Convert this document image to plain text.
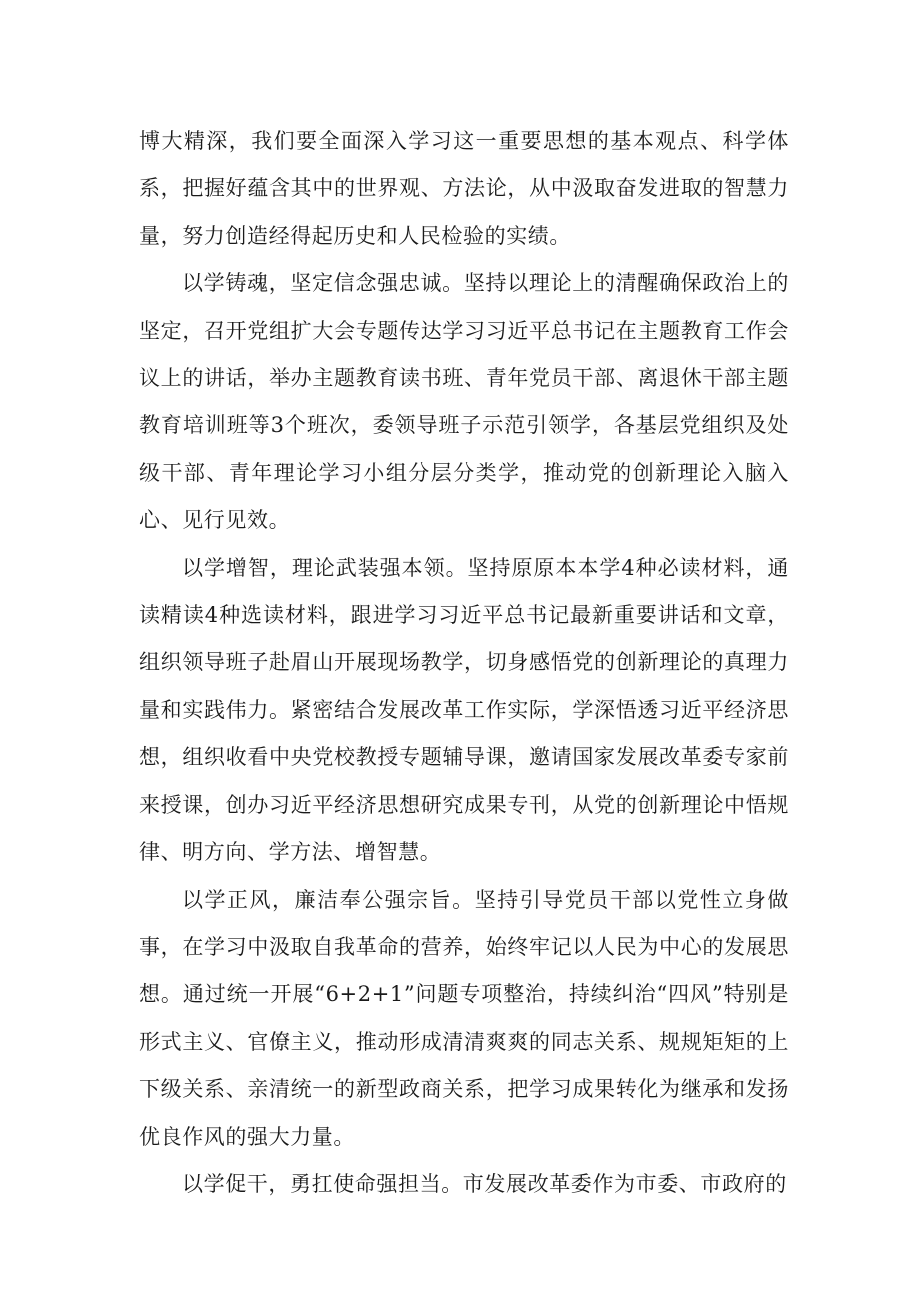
博大精深，我们要全面深入学习这一重要思想的基本观点、科学体系，把握好蕴含其中的世界观、方法论，从中汲取奋发进取的智慧力量，努力创造经得起历史和人民检验的实绩。

以学铸魂，坚定信念强忠诚。坚持以理论上的清醒确保政治上的坚定，召开党组扩大会专题传达学习习近平总书记在主题教育工作会议上的讲话，举办主题教育读书班、青年党员干部、离退休干部主题教育培训班等3个班次，委领导班子示范引领学，各基层党组织及处级干部、青年理论学习小组分层分类学，推动党的创新理论入脑入心、见行见效。

以学增智，理论武装强本领。坚持原原本本学4种必读材料，通读精读4种选读材料，跟进学习习近平总书记最新重要讲话和文章，组织领导班子赴眉山开展现场教学，切身感悟党的创新理论的真理力量和实践伟力。紧密结合发展改革工作实际，学深悟透习近平经济思想，组织收看中央党校教授专题辅导课，邀请国家发展改革委专家前来授课，创办习近平经济思想研究成果专刊，从党的创新理论中悟规律、明方向、学方法、增智慧。

以学正风，廉洁奉公强宗旨。坚持引导党员干部以党性立身做事，在学习中汲取自我革命的营养，始终牢记以人民为中心的发展思想。通过统一开展“6+2+1”问题专项整治，持续纠治“四风”特别是形式主义、官僚主义，推动形成清清爽爽的同志关系、规规矩矩的上下级关系、亲清统一的新型政商关系，把学习成果转化为继承和发扬优良作风的强大力量。

以学促干，勇扛使命强担当。市发展改革委作为市委、市政府的
